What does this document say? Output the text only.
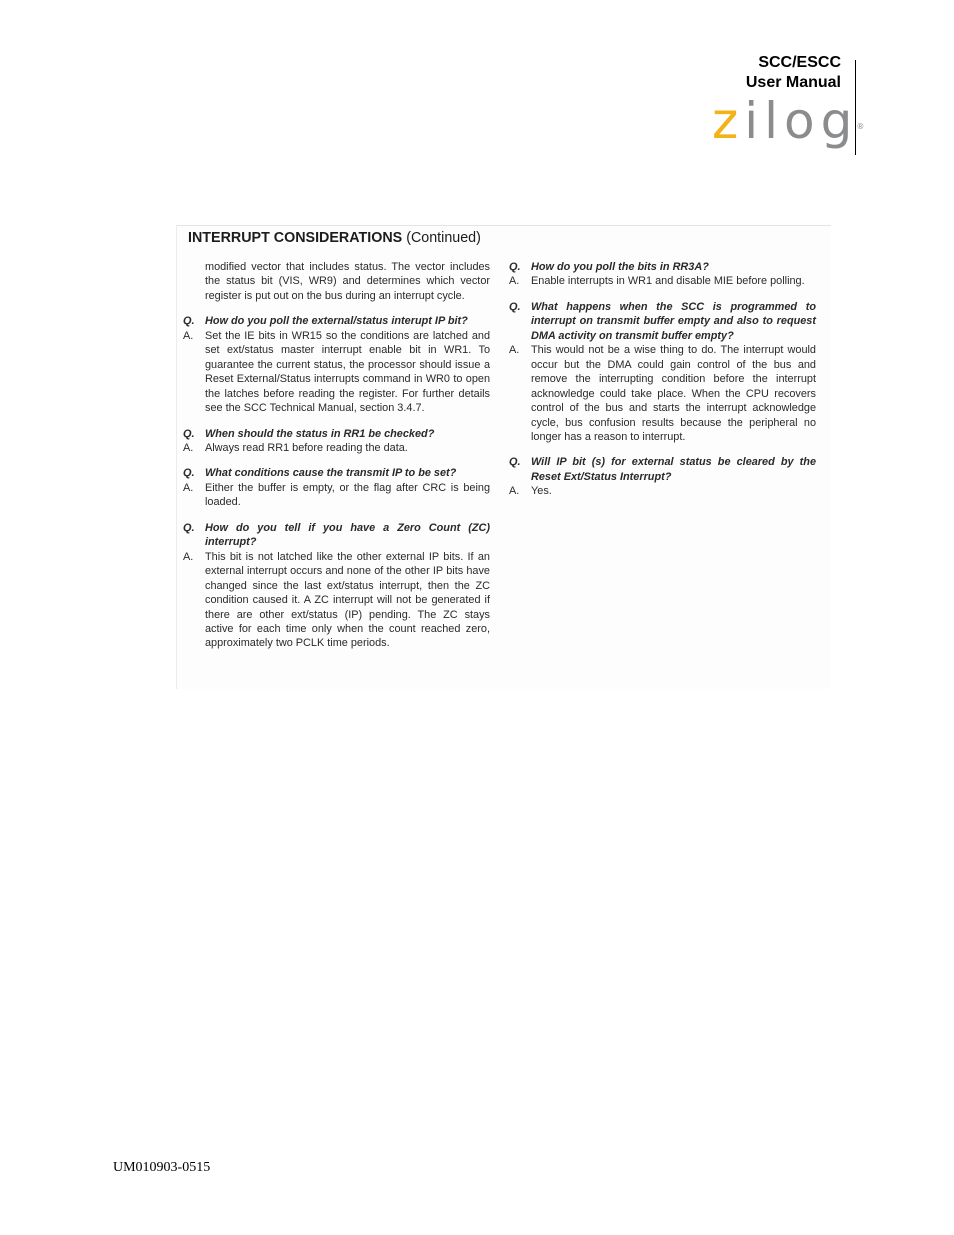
SCC/ESCC
User Manual
zilog®
INTERRUPT CONSIDERATIONS (Continued)
modified vector that includes status. The vector includes the status bit (VIS, WR9) and determines which vector register is put out on the bus during an interrupt cycle.
Q. How do you poll the external/status interupt IP bit?
A.	Set the IE bits in WR15 so the conditions are latched and set ext/status master interrupt enable bit in WR1. To guarantee the current status, the processor should issue a Reset External/Status interrupts command in WR0 to open the latches before reading the register. For further details see the SCC Technical Manual, section 3.4.7.
Q. When should the status in RR1 be checked?
A.	Always read RR1 before reading the data.
Q. What conditions cause the transmit IP to be set?
A.	Either the buffer is empty, or the flag after CRC is being loaded.
Q. How do you tell if you have a Zero Count (ZC) interrupt?
A.	This bit is not latched like the other external IP bits. If an external interrupt occurs and none of the other IP bits have changed since the last ext/status interrupt, then the ZC condition caused it. A ZC interrupt will not be generated if there are other ext/status (IP) pending. The ZC stays active for each time only when the count reached zero, approximately two PCLK time periods.
Q. How do you poll the bits in RR3A?
A.	Enable interrupts in WR1 and disable MIE before polling.
Q. What happens when the SCC is programmed to interrupt on transmit buffer empty and also to request DMA activity on transmit buffer empty?
A.	This would not be a wise thing to do. The interrupt would occur but the DMA could gain control of the bus and remove the interrupting condition before the interrupt acknowledge could take place. When the CPU recovers control of the bus and starts the interrupt acknowledge cycle, bus confusion results because the peripheral no longer has a reason to interrupt.
Q. Will IP bit (s) for external status be cleared by the Reset Ext/Status Interrupt?
A.	Yes.
UM010903-0515
